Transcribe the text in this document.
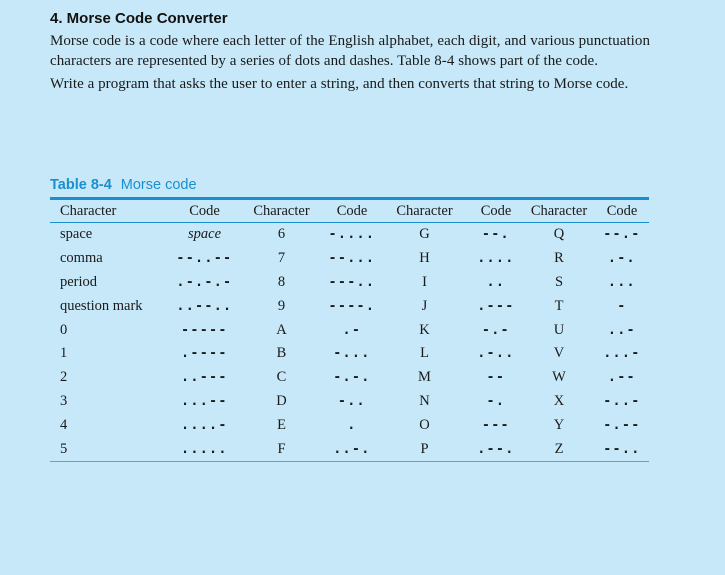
4. Morse Code Converter

Morse code is a code where each letter of the English alphabet, each digit, and various punctuation characters are represented by a series of dots and dashes. Table 8-4 shows part of the code.

Write a program that asks the user to enter a string, and then converts that string to Morse code.

Table 8-4 Morse code
Character	Code	Character	Code	Character	Code	Character	Code

space	space	6	-....	G	--.	Q	--.-
comma	--..--	7	--...	H	....	R	.-.
period	.-.-.-	8	---..	I	..	S	...
question mark	..--..	9	----.	J	.---	T	-
0	-----	A	.-	K	-.-	U	..-
1	.----	B	-...	L	.-..	V	...-
2	..---	C	-.-.	M	--	W	.--
3	...--	D	-..	N	-.	X	-..-
4	....-	E	.	O	---	Y	-.--
5	.....	F	..-.	P	.--.	Z	--..
